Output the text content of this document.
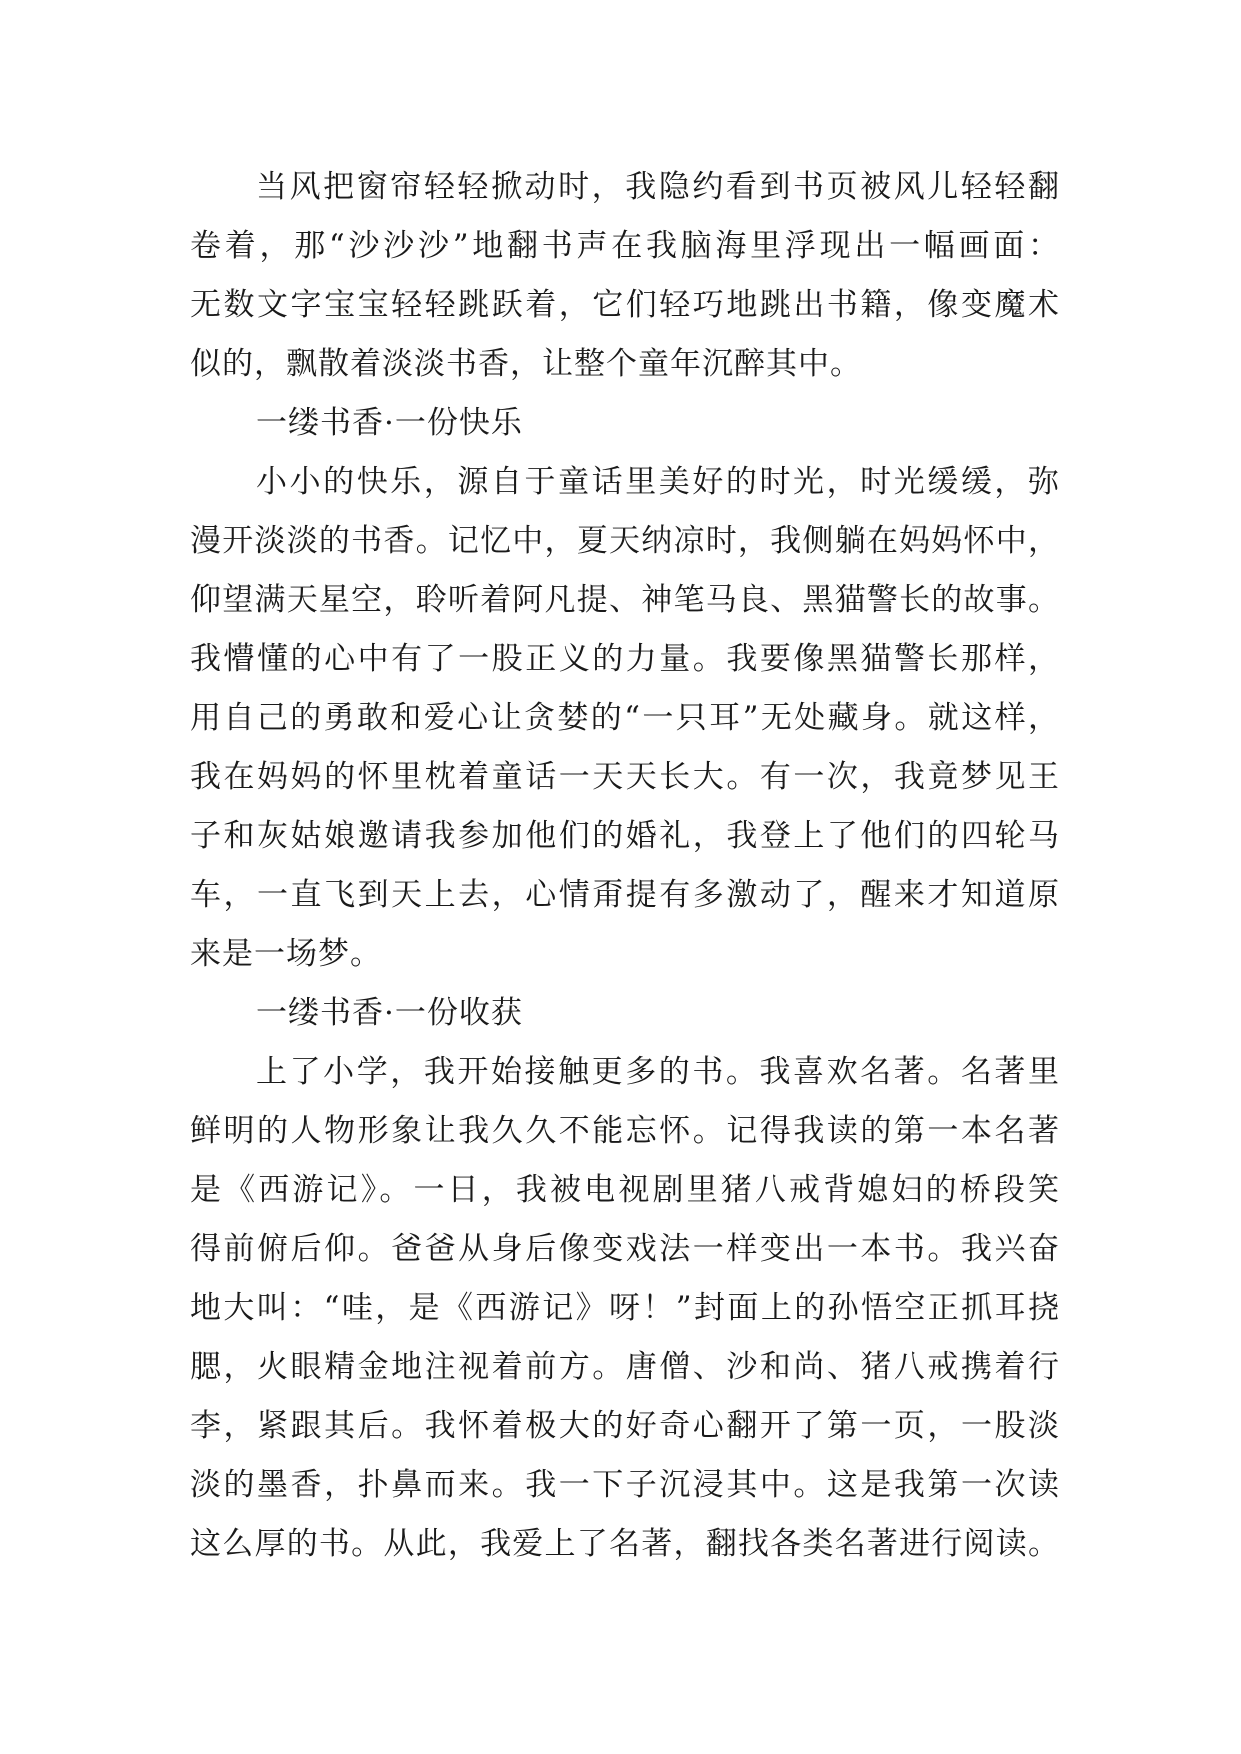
当风把窗帘轻轻掀动时，我隐约看到书页被风儿轻轻翻
卷着，那“沙沙沙”地翻书声在我脑海里浮现出一幅画面：
无数文字宝宝轻轻跳跃着，它们轻巧地跳出书籍，像变魔术
似的，飘散着淡淡书香，让整个童年沉醉其中。
一缕书香·一份快乐
小小的快乐，源自于童话里美好的时光，时光缓缓，弥
漫开淡淡的书香。记忆中，夏天纳凉时，我侧躺在妈妈怀中，
仰望满天星空，聆听着阿凡提、神笔马良、黑猫警长的故事。
我懵懂的心中有了一股正义的力量。我要像黑猫警长那样，
用自己的勇敢和爱心让贪婪的“一只耳”无处藏身。就这样，
我在妈妈的怀里枕着童话一天天长大。有一次，我竟梦见王
子和灰姑娘邀请我参加他们的婚礼，我登上了他们的四轮马
车，一直飞到天上去，心情甭提有多激动了，醒来才知道原
来是一场梦。
一缕书香·一份收获
上了小学，我开始接触更多的书。我喜欢名著。名著里
鲜明的人物形象让我久久不能忘怀。记得我读的第一本名著
是《西游记》。一日，我被电视剧里猪八戒背媳妇的桥段笑
得前俯后仰。爸爸从身后像变戏法一样变出一本书。我兴奋
地大叫：“哇，是《西游记》呀！”封面上的孙悟空正抓耳挠
腮，火眼精金地注视着前方。唐僧、沙和尚、猪八戒携着行
李，紧跟其后。我怀着极大的好奇心翻开了第一页，一股淡
淡的墨香，扑鼻而来。我一下子沉浸其中。这是我第一次读
这么厚的书。从此，我爱上了名著，翻找各类名著进行阅读。
